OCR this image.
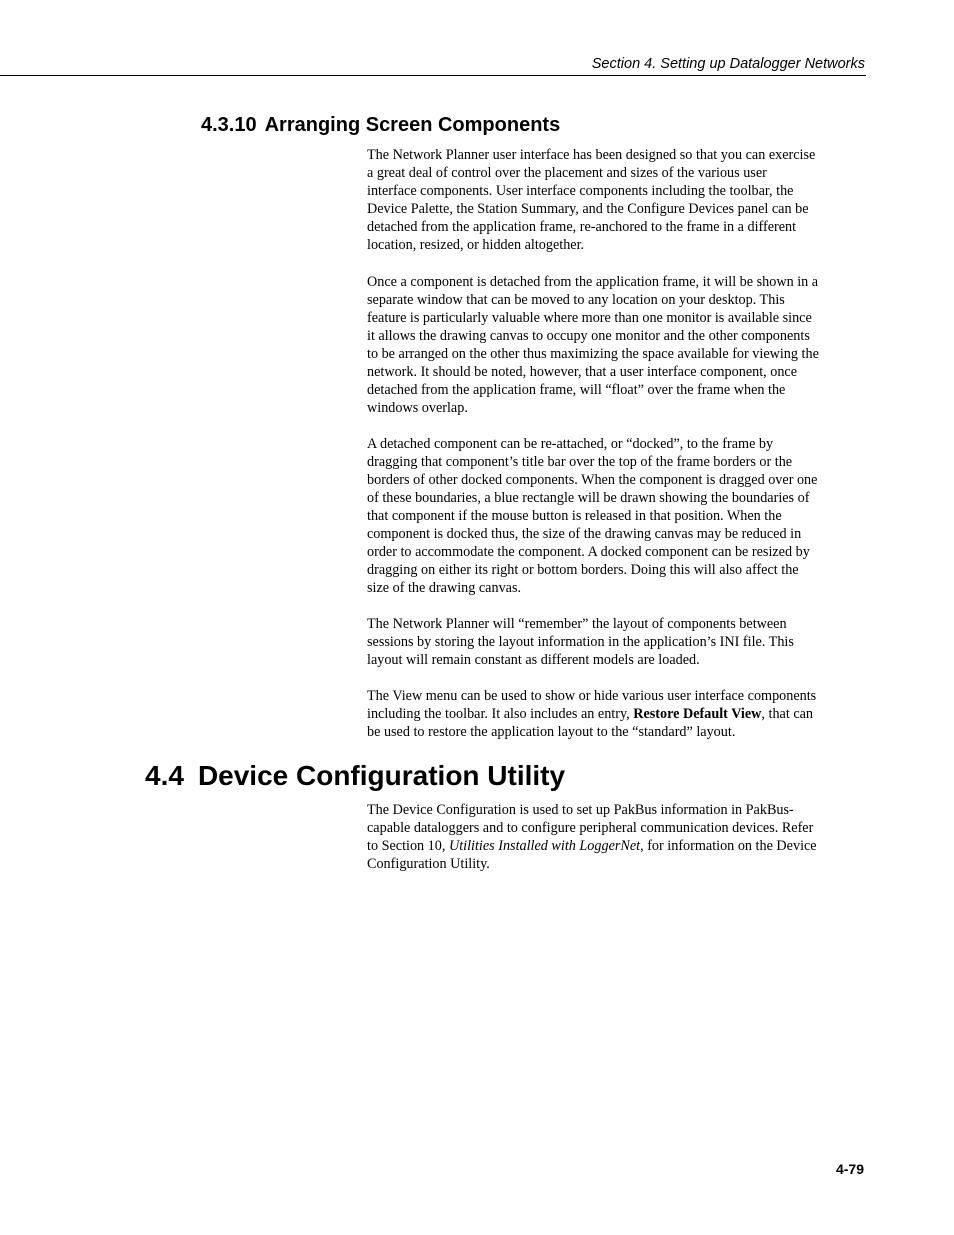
Section 4. Setting up Datalogger Networks
4.3.10 Arranging Screen Components

The Network Planner user interface has been designed so that you can exercise
a great deal of control over the placement and sizes of the various user
interface components. User interface components including the toolbar, the
Device Palette, the Station Summary, and the Configure Devices panel can be
detached from the application frame, re-anchored to the frame in a different
location, resized, or hidden altogether.

Once a component is detached from the application frame, it will be shown in a
separate window that can be moved to any location on your desktop. This
feature is particularly valuable where more than one monitor is available since
it allows the drawing canvas to occupy one monitor and the other components
to be arranged on the other thus maximizing the space available for viewing the
network. It should be noted, however, that a user interface component, once
detached from the application frame, will “float” over the frame when the
windows overlap.

A detached component can be re-attached, or “docked”, to the frame by
dragging that component’s title bar over the top of the frame borders or the
borders of other docked components. When the component is dragged over one
of these boundaries, a blue rectangle will be drawn showing the boundaries of
that component if the mouse button is released in that position. When the
component is docked thus, the size of the drawing canvas may be reduced in
order to accommodate the component. A docked component can be resized by
dragging on either its right or bottom borders. Doing this will also affect the
size of the drawing canvas.

The Network Planner will “remember” the layout of components between
sessions by storing the layout information in the application’s INI file. This
layout will remain constant as different models are loaded.

The View menu can be used to show or hide various user interface components
including the toolbar. It also includes an entry, Restore Default View, that can
be used to restore the application layout to the “standard” layout.

4.4 Device Configuration Utility

The Device Configuration is used to set up PakBus information in PakBus-
capable dataloggers and to configure peripheral communication devices. Refer
to Section 10, Utilities Installed with LoggerNet, for information on the Device
Configuration Utility.

4-79
